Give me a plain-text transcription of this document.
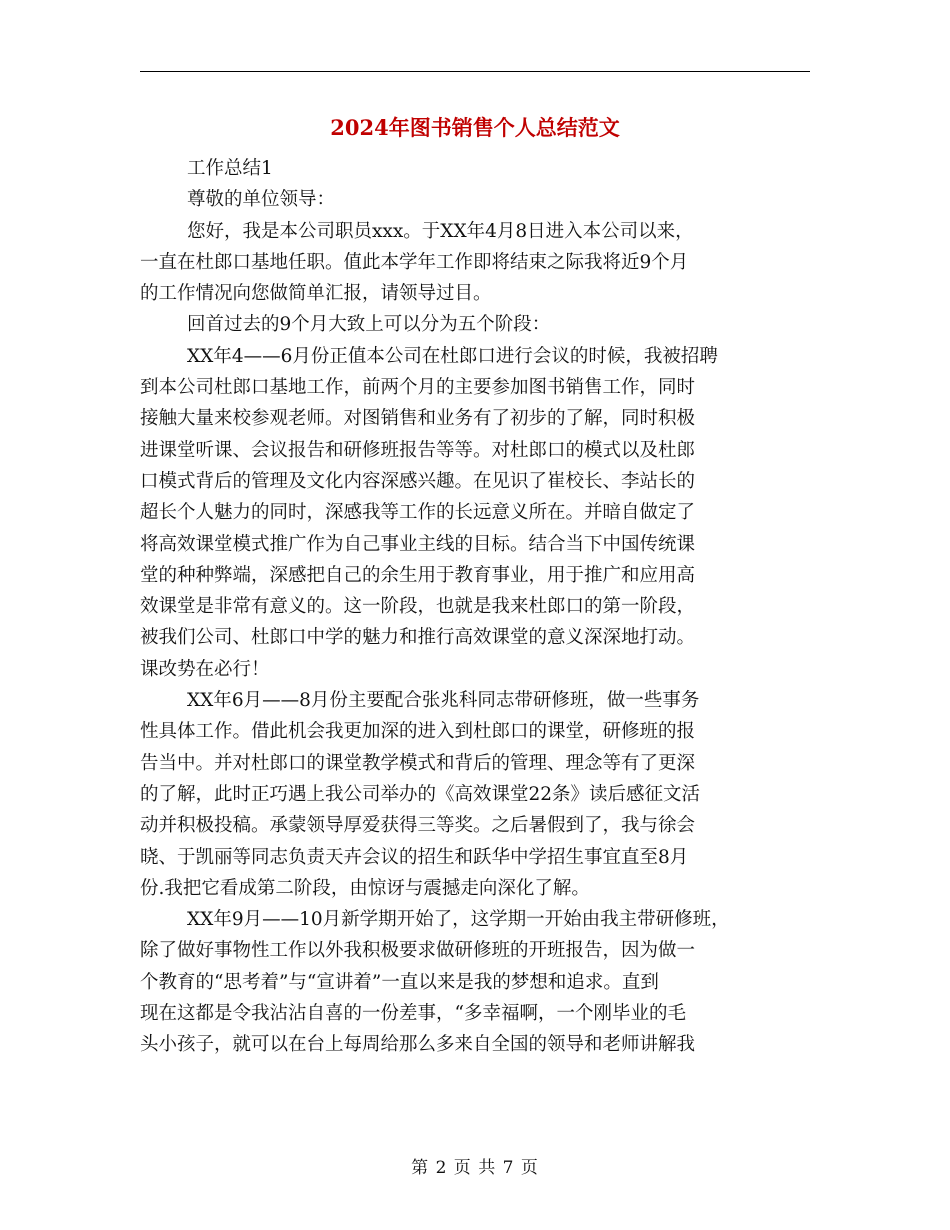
2024年图书销售个人总结范文
工作总结1
尊敬的单位领导：
您好，我是本公司职员xxx。于XX年4月8日进入本公司以来，
一直在杜郎口基地任职。值此本学年工作即将结束之际我将近9个月
的工作情况向您做简单汇报，请领导过目。
回首过去的9个月大致上可以分为五个阶段：
XX年4——6月份正值本公司在杜郎口进行会议的时候，我被招聘
到本公司杜郎口基地工作，前两个月的主要参加图书销售工作，同时
接触大量来校参观老师。对图销售和业务有了初步的了解，同时积极
进课堂听课、会议报告和研修班报告等等。对杜郎口的模式以及杜郎
口模式背后的管理及文化内容深感兴趣。在见识了崔校长、李站长的
超长个人魅力的同时，深感我等工作的长远意义所在。并暗自做定了
将高效课堂模式推广作为自己事业主线的目标。结合当下中国传统课
堂的种种弊端，深感把自己的余生用于教育事业，用于推广和应用高
效课堂是非常有意义的。这一阶段，也就是我来杜郎口的第一阶段，
被我们公司、杜郎口中学的魅力和推行高效课堂的意义深深地打动。
课改势在必行！
XX年6月——8月份主要配合张兆科同志带研修班，做一些事务
性具体工作。借此机会我更加深的进入到杜郎口的课堂，研修班的报
告当中。并对杜郎口的课堂教学模式和背后的管理、理念等有了更深
的了解，此时正巧遇上我公司举办的《高效课堂22条》读后感征文活
动并积极投稿。承蒙领导厚爱获得三等奖。之后暑假到了，我与徐会
晓、于凯丽等同志负责天卉会议的招生和跃华中学招生事宜直至8月
份.我把它看成第二阶段，由惊讶与震撼走向深化了解。
XX年9月——10月新学期开始了，这学期一开始由我主带研修班，
除了做好事物性工作以外我积极要求做研修班的开班报告，因为做一
个教育的“思考着”与“宣讲着”一直以来是我的梦想和追求。直到
现在这都是令我沾沾自喜的一份差事，“多幸福啊，一个刚毕业的毛
头小孩子，就可以在台上每周给那么多来自全国的领导和老师讲解我
第 2 页 共 7 页
